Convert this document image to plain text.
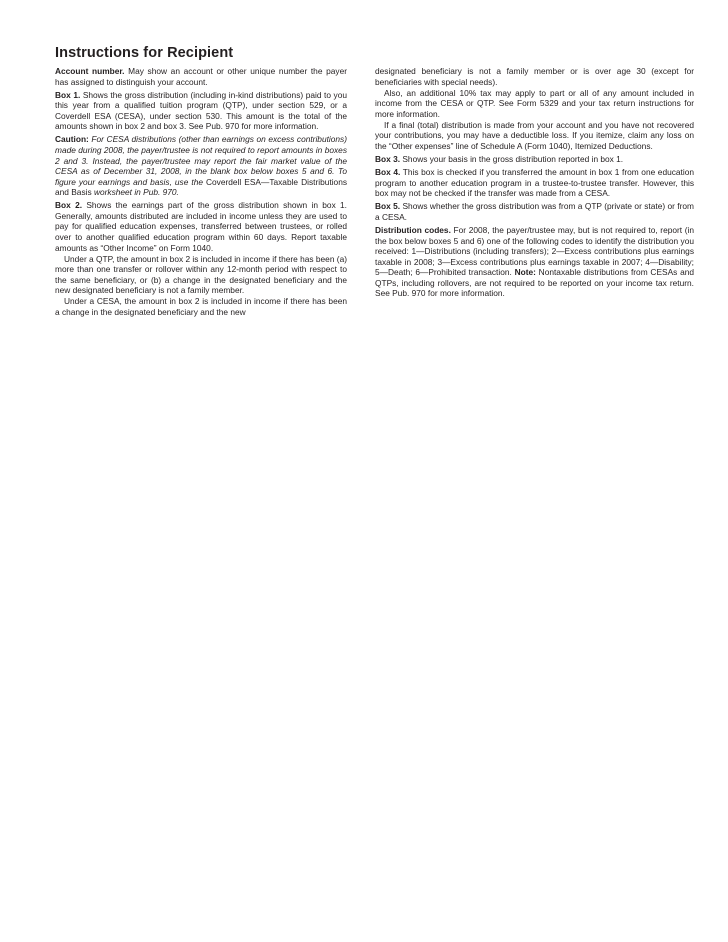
Instructions for Recipient

Account number. May show an account or other unique number the payer has assigned to distinguish your account.

Box 1. Shows the gross distribution (including in-kind distributions) paid to you this year from a qualified tuition program (QTP), under section 529, or a Coverdell ESA (CESA), under section 530. This amount is the total of the amounts shown in box 2 and box 3. See Pub. 970 for more information.

Caution: For CESA distributions (other than earnings on excess contributions) made during 2008, the payer/trustee is not required to report amounts in boxes 2 and 3. Instead, the payer/trustee may report the fair market value of the CESA as of December 31, 2008, in the blank box below boxes 5 and 6. To figure your earnings and basis, use the Coverdell ESA—Taxable Distributions and Basis worksheet in Pub. 970.

Box 2. Shows the earnings part of the gross distribution shown in box 1. Generally, amounts distributed are included in income unless they are used to pay for qualified education expenses, transferred between trustees, or rolled over to another qualified education program within 60 days. Report taxable amounts as “Other Income” on Form 1040.

Under a QTP, the amount in box 2 is included in income if there has been (a) more than one transfer or rollover within any 12-month period with respect to the same beneficiary, or (b) a change in the designated beneficiary and the new designated beneficiary is not a family member.

Under a CESA, the amount in box 2 is included in income if there has been a change in the designated beneficiary and the new

designated beneficiary is not a family member or is over age 30 (except for beneficiaries with special needs).

Also, an additional 10% tax may apply to part or all of any amount included in income from the CESA or QTP. See Form 5329 and your tax return instructions for more information.

If a final (total) distribution is made from your account and you have not recovered your contributions, you may have a deductible loss. If you itemize, claim any loss on the “Other expenses” line of Schedule A (Form 1040), Itemized Deductions.

Box 3. Shows your basis in the gross distribution reported in box 1.

Box 4. This box is checked if you transferred the amount in box 1 from one education program to another education program in a trustee-to-trustee transfer. However, this box may not be checked if the transfer was made from a CESA.

Box 5. Shows whether the gross distribution was from a QTP (private or state) or from a CESA.

Distribution codes. For 2008, the payer/trustee may, but is not required to, report (in the box below boxes 5 and 6) one of the following codes to identify the distribution you received: 1—Distributions (including transfers); 2—Excess contributions plus earnings taxable in 2008; 3—Excess contributions plus earnings taxable in 2007; 4—Disability; 5—Death; 6—Prohibited transaction. Note: Nontaxable distributions from CESAs and QTPs, including rollovers, are not required to be reported on your income tax return. See Pub. 970 for more information.
